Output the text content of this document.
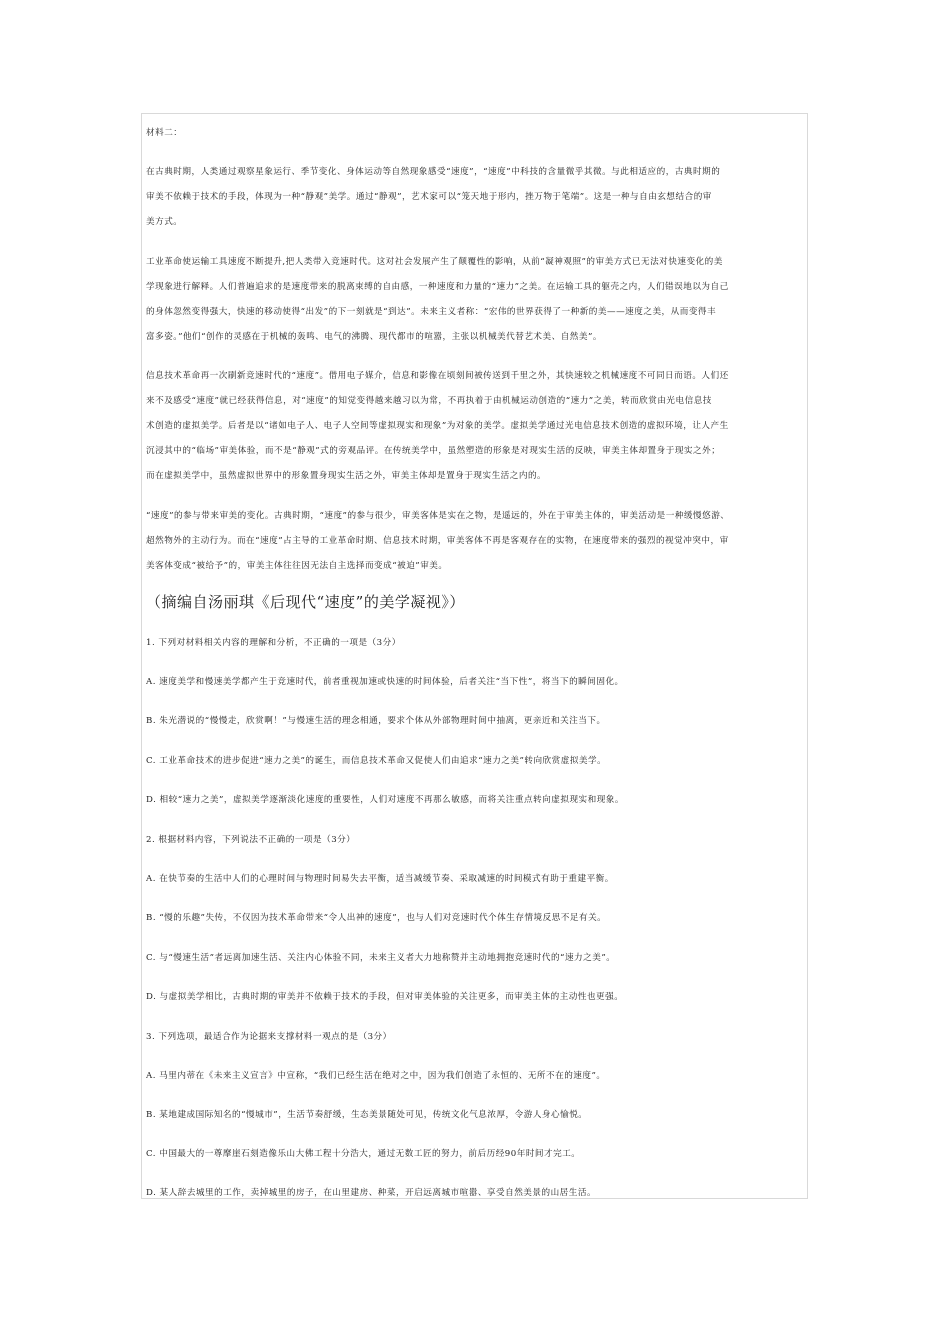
材料二：
在古典时期，人类通过观察星象运行、季节变化、身体运动等自然现象感受“速度”，“速度”中科技的含量微乎其微。与此相适应的，古典时期的
审美不依赖于技术的手段，体现为一种“静观”美学。通过“静观”，艺术家可以“笼天地于形内，挫万物于笔端”。这是一种与自由玄想结合的审
美方式。
工业革命使运输工具速度不断提升,把人类带入竞速时代。这对社会发展产生了颠覆性的影响，从前“凝神观照”的审美方式已无法对快速变化的美
学现象进行解释。人们普遍追求的是速度带来的脱离束缚的自由感，一种速度和力量的“速力”之美。在运输工具的躯壳之内，人们错误地以为自己
的身体忽然变得强大，快速的移动使得“出发”的下一刻就是“到达”。未来主义者称：“宏伟的世界获得了一种新的美——速度之美，从而变得丰
富多姿。”他们“创作的灵感在于机械的轰鸣、电气的沸腾、现代都市的喧嚣，主张以机械美代替艺术美、自然美”。
信息技术革命再一次刷新竞速时代的“速度”。借用电子媒介，信息和影像在顷刻间被传送到千里之外，其快速较之机械速度不可同日而语。人们还
来不及感受“速度”就已经获得信息，对“速度”的知觉变得越来越习以为常，不再执着于由机械运动创造的“速力”之美，转而欣赏由光电信息技
术创造的虚拟美学。后者是以“诸如电子人、电子人空间等虚拟现实和现象”为对象的美学。虚拟美学通过光电信息技术创造的虚拟环境，让人产生
沉浸其中的“临场”审美体验，而不是“静观”式的旁观品评。在传统美学中，虽然塑造的形象是对现实生活的反映，审美主体却置身于现实之外；
而在虚拟美学中，虽然虚拟世界中的形象置身现实生活之外，审美主体却是置身于现实生活之内的。
“速度”的参与带来审美的变化。古典时期，“速度”的参与很少，审美客体是实在之物，是遥远的，外在于审美主体的，审美活动是一种缓慢悠游、
超然物外的主动行为。而在“速度”占主导的工业革命时期、信息技术时期，审美客体不再是客观存在的实物，在速度带来的强烈的视觉冲突中，审
美客体变成“被给予”的，审美主体往往因无法自主选择而变成“被迫”审美。
（摘编自汤丽琪《后现代“速度”的美学凝视》）
1. 下列对材料相关内容的理解和分析，不正确的一项是（3分）
A. 速度美学和慢速美学都产生于竞速时代，前者重视加速或快速的时间体验，后者关注“当下性”，将当下的瞬间固化。
B. 朱光潜说的“慢慢走，欣赏啊！”与慢速生活的理念相通，要求个体从外部物理时间中抽离，更亲近和关注当下。
C. 工业革命技术的进步促进“速力之美”的诞生，而信息技术革命又促使人们由追求“速力之美”转向欣赏虚拟美学。
D. 相较“速力之美”，虚拟美学逐渐淡化速度的重要性，人们对速度不再那么敏感，而将关注重点转向虚拟现实和现象。
2. 根据材料内容，下列说法不正确的一项是（3分）
A. 在快节奏的生活中人们的心理时间与物理时间易失去平衡，适当减缓节奏、采取减速的时间模式有助于重建平衡。
B. “慢的乐趣”失传，不仅因为技术革命带来“令人出神的速度”，也与人们对竞速时代个体生存情境反思不足有关。
C. 与“慢速生活”者远离加速生活、关注内心体验不同，未来主义者大力地称赞并主动地拥抱竞速时代的“速力之美”。
D. 与虚拟美学相比，古典时期的审美并不依赖于技术的手段，但对审美体验的关注更多，而审美主体的主动性也更强。
3. 下列选项，最适合作为论据来支撑材料一观点的是（3分）
A. 马里内蒂在《未来主义宣言》中宣称，“我们已经生活在绝对之中，因为我们创造了永恒的、无所不在的速度”。
B. 某地建成国际知名的“慢城市”，生活节奏舒缓，生态美景随处可见，传统文化气息浓厚，令游人身心愉悦。
C. 中国最大的一尊摩崖石刻造像乐山大佛工程十分浩大，通过无数工匠的努力，前后历经90年时间才完工。
D. 某人辞去城里的工作，卖掉城里的房子，在山里建房、种菜，开启远离城市喧嚣、享受自然美景的山居生活。
